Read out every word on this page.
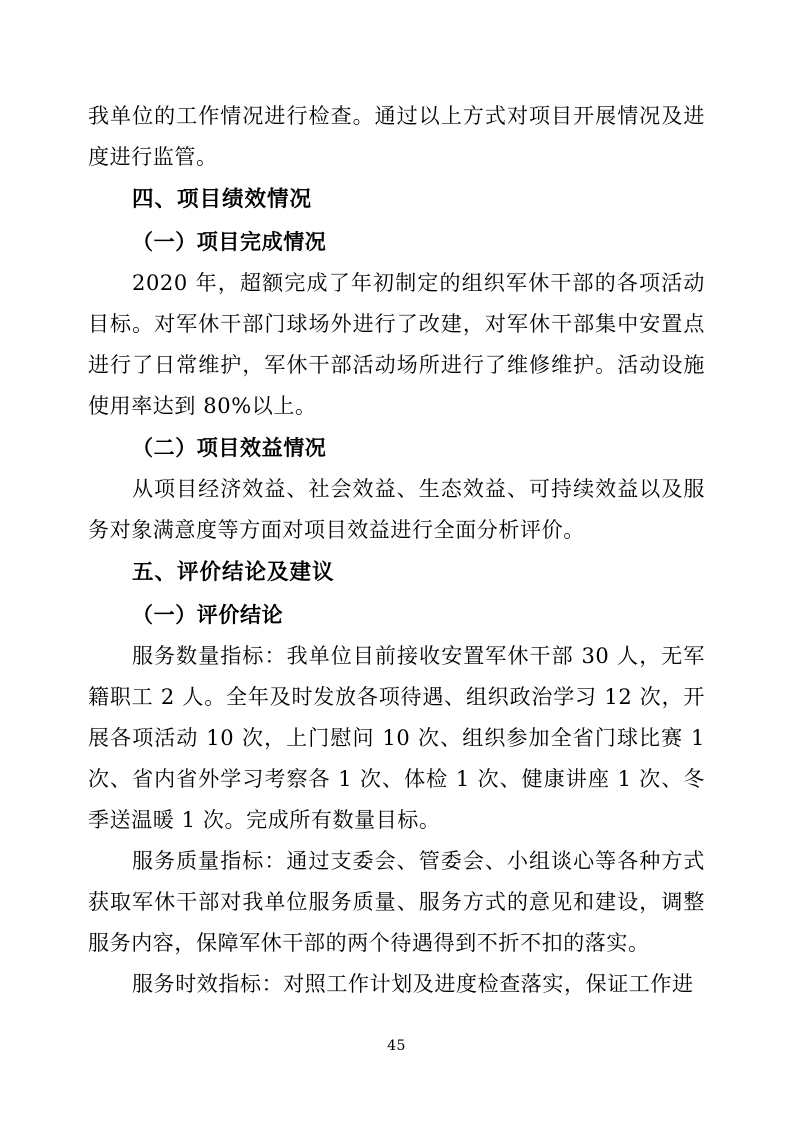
我单位的工作情况进行检查。通过以上方式对项目开展情况及进度进行监管。

四、项目绩效情况

（一）项目完成情况

2020 年，超额完成了年初制定的组织军休干部的各项活动目标。对军休干部门球场外进行了改建，对军休干部集中安置点进行了日常维护，军休干部活动场所进行了维修维护。活动设施使用率达到 80%以上。

（二）项目效益情况

从项目经济效益、社会效益、生态效益、可持续效益以及服务对象满意度等方面对项目效益进行全面分析评价。

五、评价结论及建议

（一）评价结论

服务数量指标：我单位目前接收安置军休干部 30 人，无军籍职工 2 人。全年及时发放各项待遇、组织政治学习 12 次，开展各项活动 10 次，上门慰问 10 次、组织参加全省门球比赛 1 次、省内省外学习考察各 1 次、体检 1 次、健康讲座 1 次、冬季送温暖 1 次。完成所有数量目标。

服务质量指标：通过支委会、管委会、小组谈心等各种方式获取军休干部对我单位服务质量、服务方式的意见和建设，调整服务内容，保障军休干部的两个待遇得到不折不扣的落实。

服务时效指标：对照工作计划及进度检查落实，保证工作进

45
